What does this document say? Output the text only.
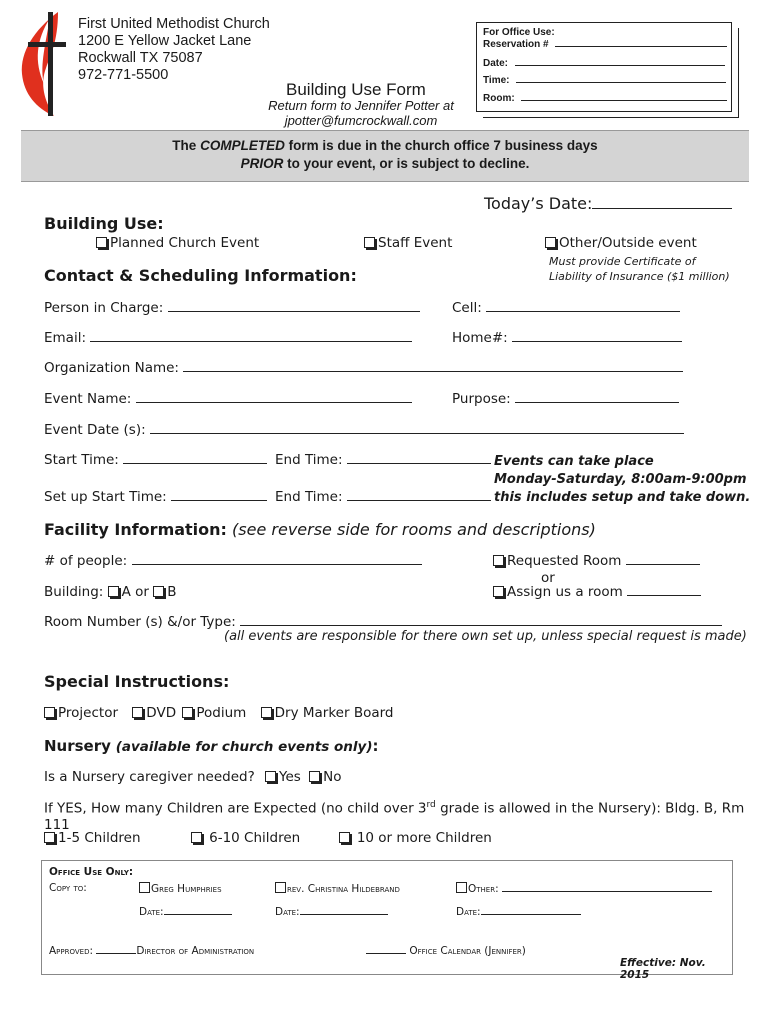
First United Methodist Church
1200 E Yellow Jacket Lane
Rockwall TX 75087
972-771-5500
Building Use Form
Return form to Jennifer Potter at
jpotter@fumcrockwall.com
For Office Use:
Reservation #
Date:
Time:
Room:
The COMPLETED form is due in the church office 7 business days
PRIOR to your event, or is subject to decline.
Today’s Date:
Building Use:
Planned Church Event	Staff Event	Other/Outside event
Must provide Certificate of
Liability of Insurance ($1 million)
Contact & Scheduling Information:
Person in Charge:	Cell:
Email:	Home#:
Organization Name:
Event Name:	Purpose:
Event Date (s):
Start Time:	End Time:
Set up Start Time:	End Time:
Events can take place
Monday-Saturday, 8:00am-9:00pm
this includes setup and take down.
Facility Information: (see reverse side for rooms and descriptions)
# of people:
Building: A or B
Requested Room
or
Assign us a room
Room Number (s) &/or Type:
(all events are responsible for there own set up, unless special request is made)
Special Instructions:
Projector DVD Podium Dry Marker Board
Nursery (available for church events only):
Is a Nursery caregiver needed? Yes No
If YES, How many Children are Expected (no child over 3rd grade is allowed in the Nursery): Bldg. B, Rm 111
1-5 Children	6-10 Children	10 or more Children
Office Use Only:
Copy to:	Greg Humphries	rev. Christina Hildebrand	Other:
Date:	Date:	Date:
Approved:	Director of Administration	Office Calendar (Jennifer)
Effective: Nov. 2015
